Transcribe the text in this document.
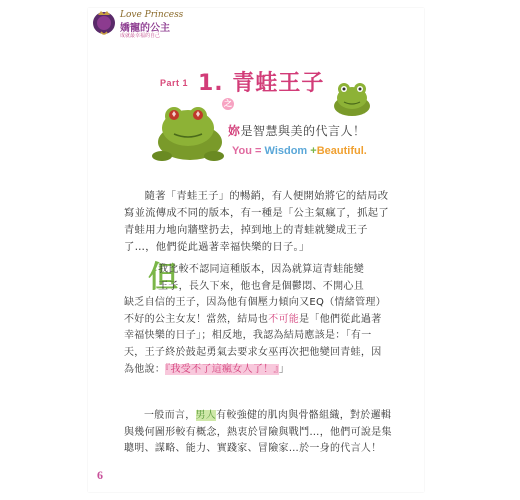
Love Princess
嬌寵的公主
成就最幸福的自己
Part 1 1. 青蛙王子
之
妳是智慧與美的代言人！
You = Wisdom +Beautiful.
隨著「青蛙王子」的暢銷，有人便開始將它的結局改寫並流傳成不同的版本，有一種是「公主氣瘋了，抓起了青蛙用力地向牆壁扔去，掉到地上的青蛙就變成王子了…，他們從此過著幸福快樂的日子。」
但
我比較不認同這種版本，因為就算這青蛙能變
王子，長久下來，他也會是個鬱悶、不開心且
缺乏自信的王子，因為他有個壓力傾向又EQ（情緒管理）
不好的公主女友！當然，結局也不可能是「他們從此過著
幸福快樂的日子」；相反地，我認為結局應該是：「有一
天，王子終於鼓起勇氣去要求女巫再次把他變回青蛙，因
為他說：『我受不了這瘋女人了！』」
一般而言，男人有較強健的肌肉與骨骼組織，對於邏輯與幾何圖形較有概念，熱衷於冒險與戰鬥…，他們可說是集聰明、謀略、能力、實踐家、冒險家…於一身的代言人！
6
